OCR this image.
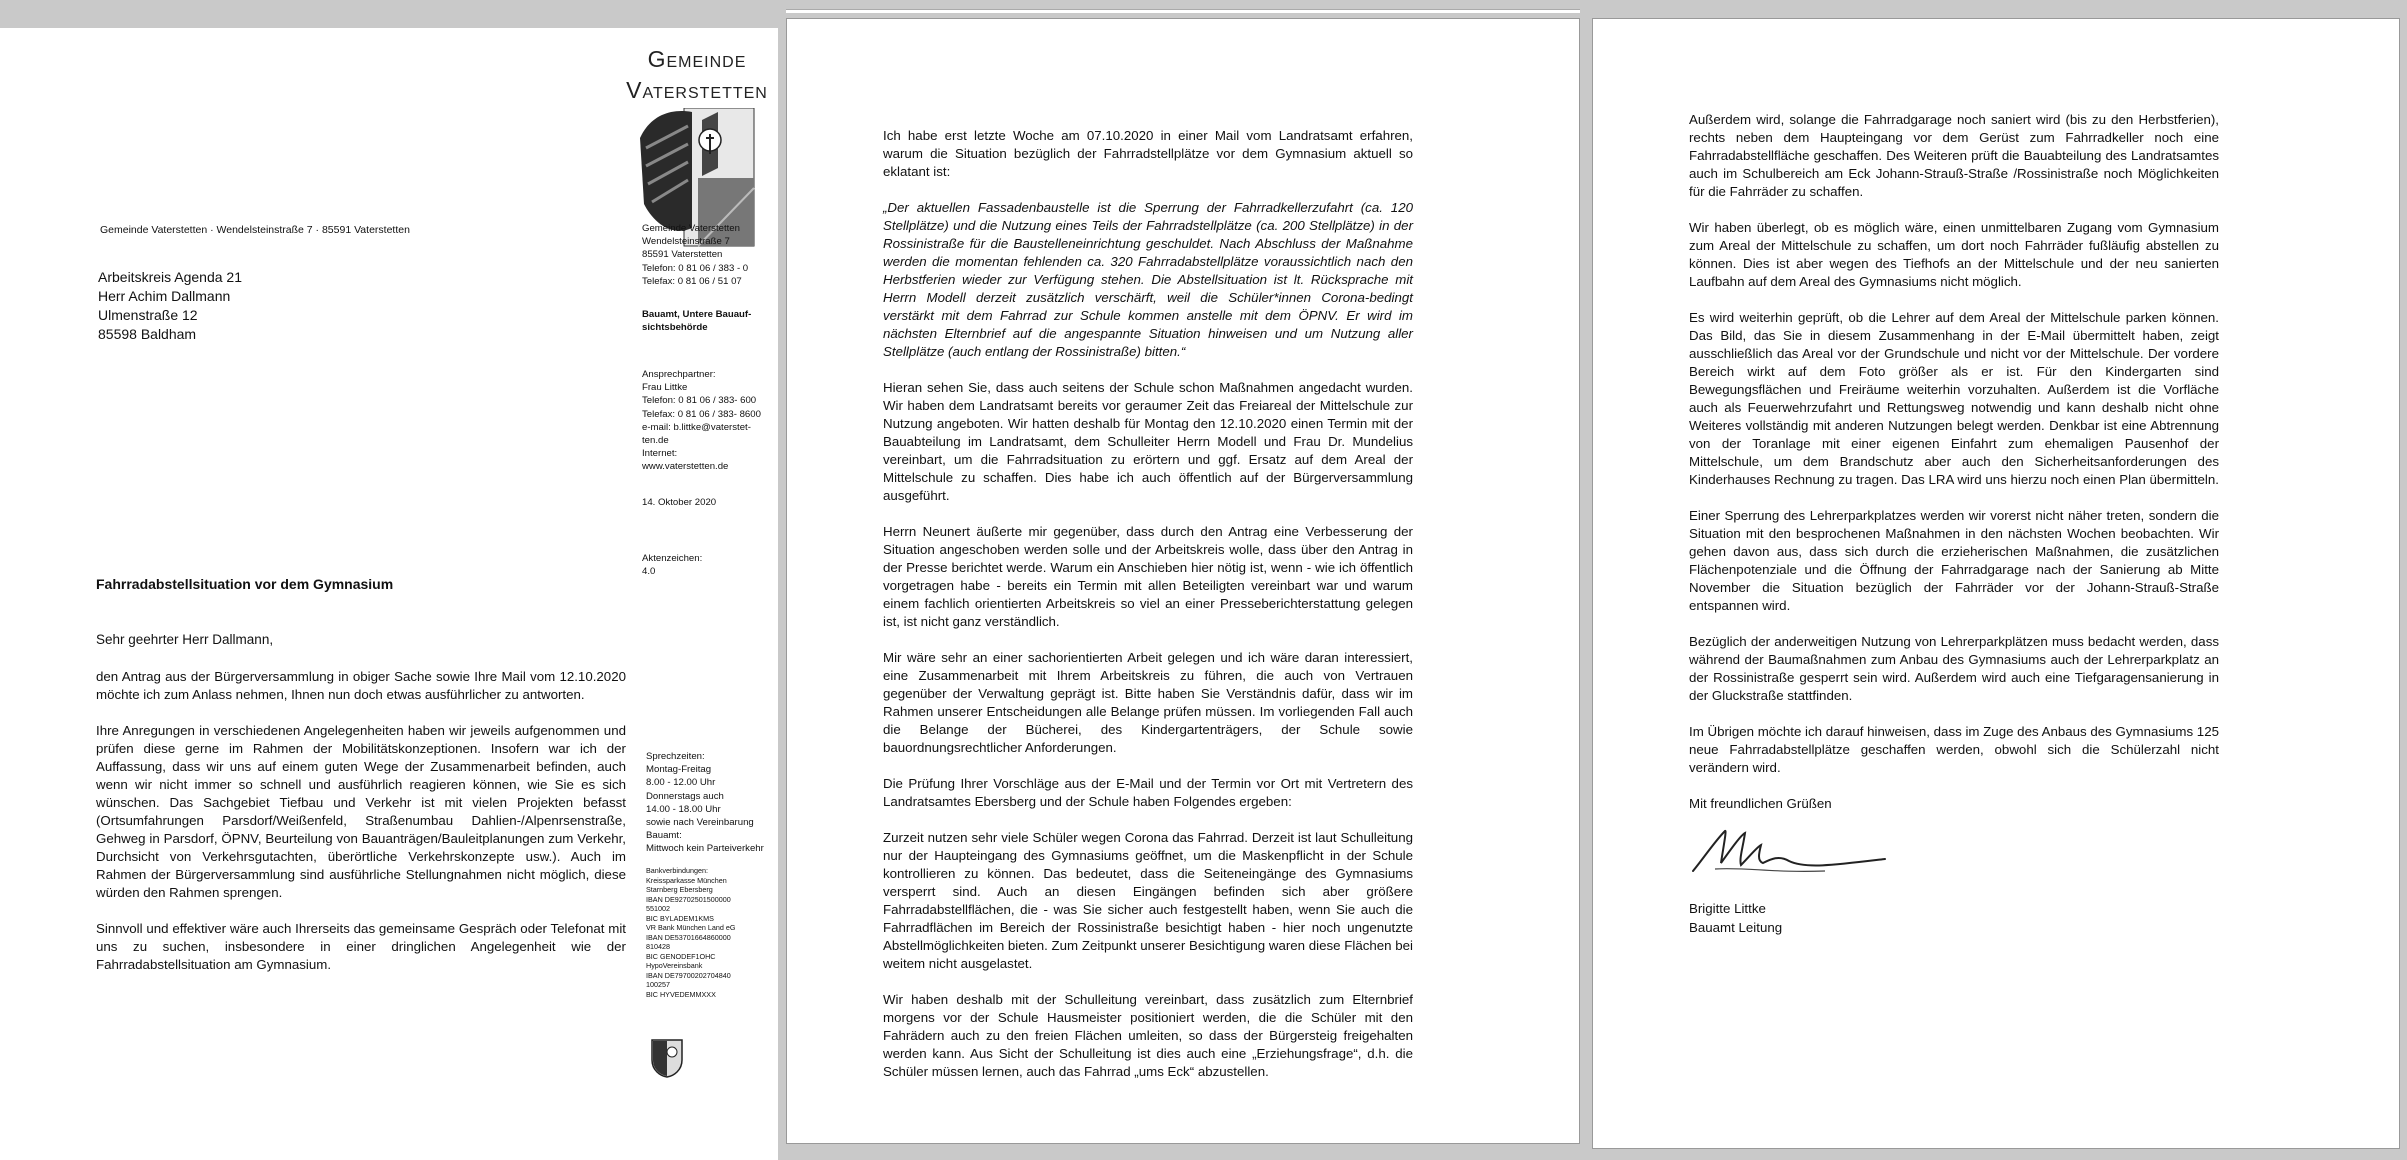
Gemeinde
Vaterstetten
Gemeinde Vaterstetten · Wendelsteinstraße 7 · 85591 Vaterstetten
Arbeitskreis Agenda 21
Herr Achim Dallmann
Ulmenstraße 12
85598 Baldham
Gemeinde Vaterstetten
Wendelsteinstraße 7
85591 Vaterstetten
Telefon: 0 81 06 / 383 - 0
Telefax: 0 81 06 / 51 07
Bauamt, Untere Bauauf-
sichtsbehörde
Ansprechpartner:
Frau Littke
Telefon: 0 81 06 / 383- 600
Telefax: 0 81 06 / 383- 8600
e-mail: b.littke@vaterstet-
ten.de
Internet:
www.vaterstetten.de
14. Oktober 2020
Aktenzeichen:
4.0
Sprechzeiten:
Montag-Freitag
8.00 - 12.00 Uhr
Donnerstags auch
14.00 - 18.00 Uhr
sowie nach Vereinbarung
Bauamt:
Mittwoch kein Parteiverkehr
Bankverbindungen:
Kreissparkasse München
Starnberg Ebersberg
IBAN DE92702501500000
551002
BIC BYLADEM1KMS
VR Bank München Land eG
IBAN DE53701664860000
810428
BIC GENODEF1OHC
HypoVereinsbank
IBAN DE79700202704840
100257
BIC HYVEDEMMXXX
Fahrradabstellsituation vor dem Gymnasium
Sehr geehrter Herr Dallmann,

den Antrag aus der Bürgerversammlung in obiger Sache sowie Ihre Mail vom 12.10.2020 möchte ich zum Anlass nehmen, Ihnen nun doch etwas ausführlicher zu antworten.

Ihre Anregungen in verschiedenen Angelegenheiten haben wir jeweils aufgenommen und prüfen diese gerne im Rahmen der Mobilitätskonzeptionen. Insofern war ich der Auffassung, dass wir uns auf einem guten Wege der Zusammenarbeit befinden, auch wenn wir nicht immer so schnell und ausführlich reagieren können, wie Sie es sich wünschen. Das Sachgebiet Tiefbau und Verkehr ist mit vielen Projekten befasst (Ortsumfahrungen Parsdorf/Weißenfeld, Straßenumbau Dahlien-/Alpenrsenstraße, Gehweg in Parsdorf, ÖPNV, Beurteilung von Bauanträgen/Bauleitplanungen zum Verkehr, Durchsicht von Verkehrsgutachten, überörtliche Verkehrskonzepte usw.). Auch im Rahmen der Bürgerversammlung sind ausführliche Stellungnahmen nicht möglich, diese würden den Rahmen sprengen.

Sinnvoll und effektiver wäre auch Ihrerseits das gemeinsame Gespräch oder Telefonat mit uns zu suchen, insbesondere in einer dringlichen Angelegenheit wie der Fahrradabstellsituation am Gymnasium.

Ich habe erst letzte Woche am 07.10.2020 in einer Mail vom Landratsamt erfahren, warum die Situation bezüglich der Fahrradstellplätze vor dem Gymnasium aktuell so eklatant ist:

„Der aktuellen Fassadenbaustelle ist die Sperrung der Fahrradkellerzufahrt (ca. 120 Stellplätze) und die Nutzung eines Teils der Fahrradstellplätze (ca. 200 Stellplätze) in der Rossinistraße für die Baustelleneinrichtung geschuldet. Nach Abschluss der Maßnahme werden die momentan fehlenden ca. 320 Fahrradabstellplätze voraussichtlich nach den Herbstferien wieder zur Verfügung stehen. Die Abstellsituation ist lt. Rücksprache mit Herrn Modell derzeit zusätzlich verschärft, weil die Schüler*innen Corona-bedingt verstärkt mit dem Fahrrad zur Schule kommen anstelle mit dem ÖPNV. Er wird im nächsten Elternbrief auf die angespannte Situation hinweisen und um Nutzung aller Stellplätze (auch entlang der Rossinistraße) bitten.“

Hieran sehen Sie, dass auch seitens der Schule schon Maßnahmen angedacht wurden. Wir haben dem Landratsamt bereits vor geraumer Zeit das Freiareal der Mittelschule zur Nutzung angeboten. Wir hatten deshalb für Montag den 12.10.2020 einen Termin mit der Bauabteilung im Landratsamt, dem Schulleiter Herrn Modell und Frau Dr. Mundelius vereinbart, um die Fahrradsituation zu erörtern und ggf. Ersatz auf dem Areal der Mittelschule zu schaffen. Dies habe ich auch öffentlich auf der Bürgerversammlung ausgeführt.

Herrn Neunert äußerte mir gegenüber, dass durch den Antrag eine Verbesserung der Situation angeschoben werden solle und der Arbeitskreis wolle, dass über den Antrag in der Presse berichtet werde. Warum ein Anschieben hier nötig ist, wenn - wie ich öffentlich vorgetragen habe - bereits ein Termin mit allen Beteiligten vereinbart war und warum einem fachlich orientierten Arbeitskreis so viel an einer Presseberichterstattung gelegen ist, ist nicht ganz verständlich.

Mir wäre sehr an einer sachorientierten Arbeit gelegen und ich wäre daran interessiert, eine Zusammenarbeit mit Ihrem Arbeitskreis zu führen, die auch von Vertrauen gegenüber der Verwaltung geprägt ist. Bitte haben Sie Verständnis dafür, dass wir im Rahmen unserer Entscheidungen alle Belange prüfen müssen. Im vorliegenden Fall auch die Belange der Bücherei, des Kindergartenträgers, der Schule sowie bauordnungsrechtlicher Anforderungen.

Die Prüfung Ihrer Vorschläge aus der E-Mail und der Termin vor Ort mit Vertretern des Landratsamtes Ebersberg und der Schule haben Folgendes ergeben:

Zurzeit nutzen sehr viele Schüler wegen Corona das Fahrrad. Derzeit ist laut Schulleitung nur der Haupteingang des Gymnasiums geöffnet, um die Maskenpflicht in der Schule kontrollieren zu können. Das bedeutet, dass die Seiteneingänge des Gymnasiums versperrt sind. Auch an diesen Eingängen befinden sich aber größere Fahrradabstellflächen, die - was Sie sicher auch festgestellt haben, wenn Sie auch die Fahrradflächen im Bereich der Rossinistraße besichtigt haben - hier noch ungenutzte Abstellmöglichkeiten bieten. Zum Zeitpunkt unserer Besichtigung waren diese Flächen bei weitem nicht ausgelastet.

Wir haben deshalb mit der Schulleitung vereinbart, dass zusätzlich zum Elternbrief morgens vor der Schule Hausmeister positioniert werden, die die Schüler mit den Fahrädern auch zu den freien Flächen umleiten, so dass der Bürgersteig freigehalten werden kann. Aus Sicht der Schulleitung ist dies auch eine „Erziehungsfrage“, d.h. die Schüler müssen lernen, auch das Fahrrad „ums Eck“ abzustellen.

Außerdem wird, solange die Fahrradgarage noch saniert wird (bis zu den Herbstferien), rechts neben dem Haupteingang vor dem Gerüst zum Fahrradkeller noch eine Fahrradabstellfläche geschaffen. Des Weiteren prüft die Bauabteilung des Landratsamtes auch im Schulbereich am Eck Johann-Strauß-Straße /Rossinistraße noch Möglichkeiten für die Fahrräder zu schaffen.

Wir haben überlegt, ob es möglich wäre, einen unmittelbaren Zugang vom Gymnasium zum Areal der Mittelschule zu schaffen, um dort noch Fahrräder fußläufig abstellen zu können. Dies ist aber wegen des Tiefhofs an der Mittelschule und der neu sanierten Laufbahn auf dem Areal des Gymnasiums nicht möglich.

Es wird weiterhin geprüft, ob die Lehrer auf dem Areal der Mittelschule parken können. Das Bild, das Sie in diesem Zusammenhang in der E-Mail übermittelt haben, zeigt ausschließlich das Areal vor der Grundschule und nicht vor der Mittelschule. Der vordere Bereich wirkt auf dem Foto größer als er ist. Für den Kindergarten sind Bewegungsflächen und Freiräume weiterhin vorzuhalten. Außerdem ist die Vorfläche auch als Feuerwehrzufahrt und Rettungsweg notwendig und kann deshalb nicht ohne Weiteres vollständig mit anderen Nutzungen belegt werden. Denkbar ist eine Abtrennung von der Toranlage mit einer eigenen Einfahrt zum ehemaligen Pausenhof der Mittelschule, um dem Brandschutz aber auch den Sicherheitsanforderungen des Kinderhauses Rechnung zu tragen. Das LRA wird uns hierzu noch einen Plan übermitteln.

Einer Sperrung des Lehrerparkplatzes werden wir vorerst nicht näher treten, sondern die Situation mit den besprochenen Maßnahmen in den nächsten Wochen beobachten. Wir gehen davon aus, dass sich durch die erzieherischen Maßnahmen, die zusätzlichen Flächenpotenziale und die Öffnung der Fahrradgarage nach der Sanierung ab Mitte November die Situation bezüglich der Fahrräder vor der Johann-Strauß-Straße entspannen wird.

Bezüglich der anderweitigen Nutzung von Lehrerparkplätzen muss bedacht werden, dass während der Baumaßnahmen zum Anbau des Gymnasiums auch der Lehrerparkplatz an der Rossinistraße gesperrt sein wird. Außerdem wird auch eine Tiefgaragensanierung in der Gluckstraße stattfinden.

Im Übrigen möchte ich darauf hinweisen, dass im Zuge des Anbaus des Gymnasiums 125 neue Fahrradabstellplätze geschaffen werden, obwohl sich die Schülerzahl nicht verändern wird.

Mit freundlichen Grüßen

Brigitte Littke
Bauamt Leitung
